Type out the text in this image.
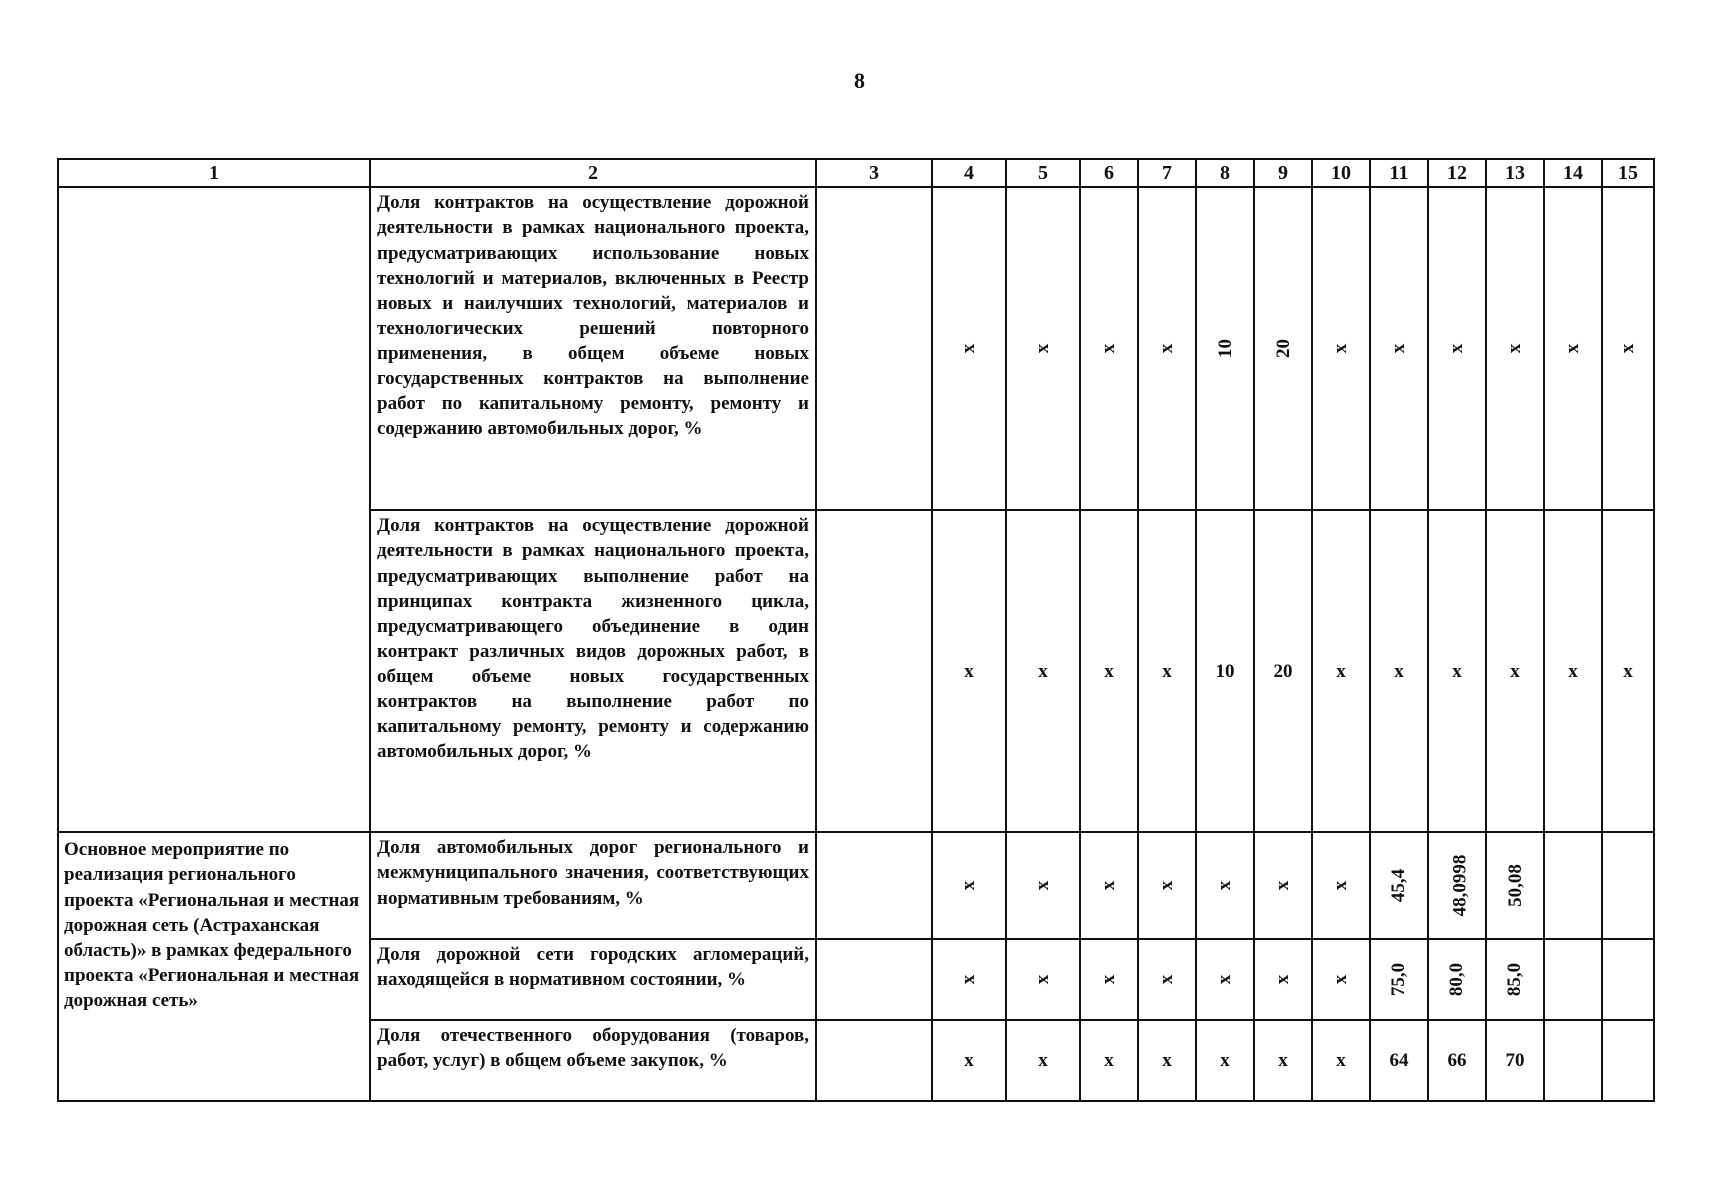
8
1	2	3	4	5	6	7	8	9	10	11	12	13	14	15
	Доля контрактов на осуществление дорожной деятельности в рамках национального проекта, предусматривающих использование новых технологий и материалов, включенных в Реестр новых и наилучших технологий, материалов и технологических решений повторного применения, в общем объеме новых государственных контрактов на выполнение работ по капитальному ремонту, ремонту и содержанию автомобильных дорог, %		x	x	x	x	10	20	x	x	x	x	x	x
	Доля контрактов на осуществление дорожной деятельности в рамках национального проекта, предусматривающих выполнение работ на принципах контракта жизненного цикла, предусматривающего объединение в один контракт различных видов дорожных работ, в общем объеме новых государственных контрактов на выполнение работ по капитальному ремонту, ремонту и содержанию автомобильных дорог, %		x	x	x	x	10	20	x	x	x	x	x	x
Основное мероприятие по реализация регионального проекта «Региональная и местная дорожная сеть (Астраханская область)» в рамках федерального проекта «Региональная и местная дорожная сеть»	Доля автомобильных дорог регионального и межмуниципального значения, соответствующих нормативным требованиям, %		x	x	x	x	x	x	x	45,4	48,0998	50,08		
	Доля дорожной сети городских агломераций, находящейся в нормативном состоянии, %		x	x	x	x	x	x	x	75,0	80,0	85,0		
	Доля отечественного оборудования (товаров, работ, услуг) в общем объеме закупок, %		x	x	x	x	x	x	x	64	66	70		
